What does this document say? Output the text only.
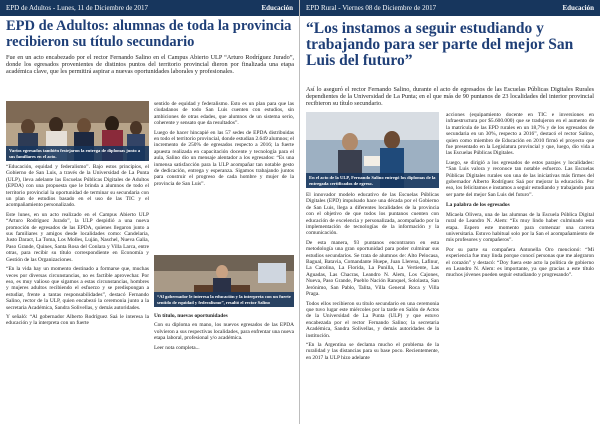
EPD de Adultos - Lunes, 11 de Diciembre de 2017	Educación
EPD de Adultos: alumnas de toda la provincia recibieron su título secundario
Fue en un acto encabezado por el rector Fernando Salino en el Campus Abierto ULP “Arturo Rodríguez Jurado”, donde los egresados provenientes de distintos puntos del territorio provincial dieron por finalizada una etapa académica clave, que les permitirá aspirar a nuevas oportunidades laborales y profesionales.
Varios egresados también festejaron la entrega de diplomas junto a sus familiares en el acto.

“Educación, equidad y federalismo”. Bajo estos principios, el Gobierno de San Luis, a través de la Universidad de La Punta (ULP), lleva adelante las Escuelas Públicas Digitales de Adultos (EPDA) con una propuesta que le brinda a alumnos de todo el territorio provincial la oportunidad de terminar su secundaria con un plan de estudios basado en el uso de las TIC y el acompañamiento personalizado.

Este lunes, en un acto realizado en el Campus Abierto ULP “Arturo Rodríguez Jurado”, la ULP despidió a una nueva promoción de egresados de las EPDA, quienes llegaron junto a sus familiares y amigos desde localidades como: Candelaria, Justo Daract, La Toma, Los Molles, Luján, Naschel, Nueva Galia, Paso Grande, Quines, Santa Rosa del Conlara y Villa Larca, entre otras, para recibir su título correspondiente en Economía y Gestión de las Organizaciones.

“En la vida hay un momento destinado a formarse que, muchas veces por diversas circunstancias, no es factible aprovechar. Por eso, es muy valioso que sigamos a estas circunstancias, hombres y mujeres adultos recibiendo el esfuerzo y se predispongan a estudiar, frente a tantas responsabilidades”, destacó Fernando Salino, rector de la ULP, quien encabezó la ceremonia junto a la secretaria Académica, Sandra Solivellas, y demás autoridades.

Y señaló: “Al gobernador Alberto Rodríguez Saá le interesa la educación y la interpreta con un fuerte

sentido de equidad y federalismo. Esto es un plan para que las ciudadanos de todo San Luis cuenten con estudios, sin ambiciones de otras edades, que alumnos de un sistema serio, coherente y sensato que da resultados”.

Luego de hacer hincapié en las 57 sedes de EPDA distribuidas en todo el territorio provincial, donde estudian 2.649 alumnos; el incremento de 250% de egresados respecto a 2016; la fuerte apuesta realizada en capacitación docente y tecnología para el aula, Salino dio un mensaje alentador a los egresados: “Es una inmensa satisfacción para la ULP acompañar tan notable gesto de dedicación, entrega y esperanza. Sigamos trabajando juntos para construir el progreso de cada hombre y mujer de la provincia de San Luis”.

“Al gobernador le interesa la educación y la interpreta con un fuerte sentido de equidad y federalismo”, resaltó el rector Salino

Un título, nuevas oportunidades

Con su diploma en mano, los nuevos egresados de las EPDA volvieron a sus respectivas localidades, para enfrentar una nueva etapa laboral, profesional y/o académica.

Leer nota completa...

EPD Rural - Viernes 08 de Diciembre de 2017	Educación
“Los instamos a seguir estudiando y trabajando para ser parte del mejor San Luis del futuro”
Así lo aseguró el rector Fernando Salino, durante el acto de egresados de las Escuelas Públicas Digitales Rurales dependientes de la Universidad de La Punta; en el que más de 90 puntanos de 23 localidades del interior provincial recibieron su título secundario.
En el acto de la ULP, Fernando Salino entregó los diplomas de la entregada certificados de egreso.

El innovador modelo educativo de las Escuelas Públicas Digitales (EPD) impulsado hace una década por el Gobierno de San Luis, llega a diferentes localidades de la provincia con el objetivo de que todos los puntanos cuenten con educación de excelencia y personalizada, acompañado por la implementación de tecnologías de la información y la comunicación.

De esta manera, 93 puntanos encontraron en esta metodología una gran oportunidad para poder culminar sus estudios secundarios. Se trata de alumnos de: Alto Pelocasa, Bagual, Batavia, Comandante Huepe, Juan Llerena, Lafinur, La Carolina, La Florida, La Punilla, La Vertiente, Las Aguadas, Las Chacras, Leandro N. Alem, Los Cajones, Nueva, Paso Grande, Pueblo Nación Ranquel, Sololasta, San Jerónimo, San Pablo, Talita, Villa General Roca y Villa Praga.

Todos ellos recibieron su título secundario en una ceremonia que tuvo lugar este miércoles por la tarde en Salón de Actos de la Universidad de La Punta (ULP) y que estuvo encabezada por el rector Fernando Salino; la secretaria Académica, Sandra Solivellas, y demás autoridades de la institución.

“En la Argentina se declama mucho el problema de la ruralidad y las distancias para su base poco. Recientemente, en 2017 la ULP hizo adelante

acciones (equipamiento docente en TIC e inversiones en infraestructura por $5.600.000) que se tradujeron en el aumento de la matrícula de las EPD rurales en un 18,7% y de los egresados de secundaria en un 30%, respecto a 2016”, destacó el rector Salino, quien como miembro de Educación en 2010 firmó el proyecto que fue presentado en la Legislatura provincial y que, luego, dio vida a las Escuelas Públicas Digitales.

Luego, se dirigió a los egresados de estos parajes y localidades: “San Luis valora y reconoce tan notable esfuerzo. Las Escuelas Públicas Digitales rurales son una de las iniciativas más firmes del gobernador Alberto Rodríguez Saá por mejorar la educación. Por eso, los felicitamos e instamos a seguir estudiando y trabajando para ser parte del mejor San Luis del futuro”.

La palabra de los egresados

Micaela Olivera, una de las alumnas de la Escuela Pública Digital rural de Leandro N. Alem: “Es muy lindo haber culminado esta etapa. Espero este momento para comenzar una carrera universitaria. Estuvo habitual solo por la San el acompañamiento de mis profesores y compañeros”.

Por su parte su compañera Antonella Oro mencionó: “Mi experiencia fue muy linda porque conocí personas que me alegraron el corazón” y destacó: “Doy fuera este acto la política de gobierno en Leandro N. Alem: es importante, ya que gracias a este título muchos jóvenes pueden seguir estudiando y progresando”.
